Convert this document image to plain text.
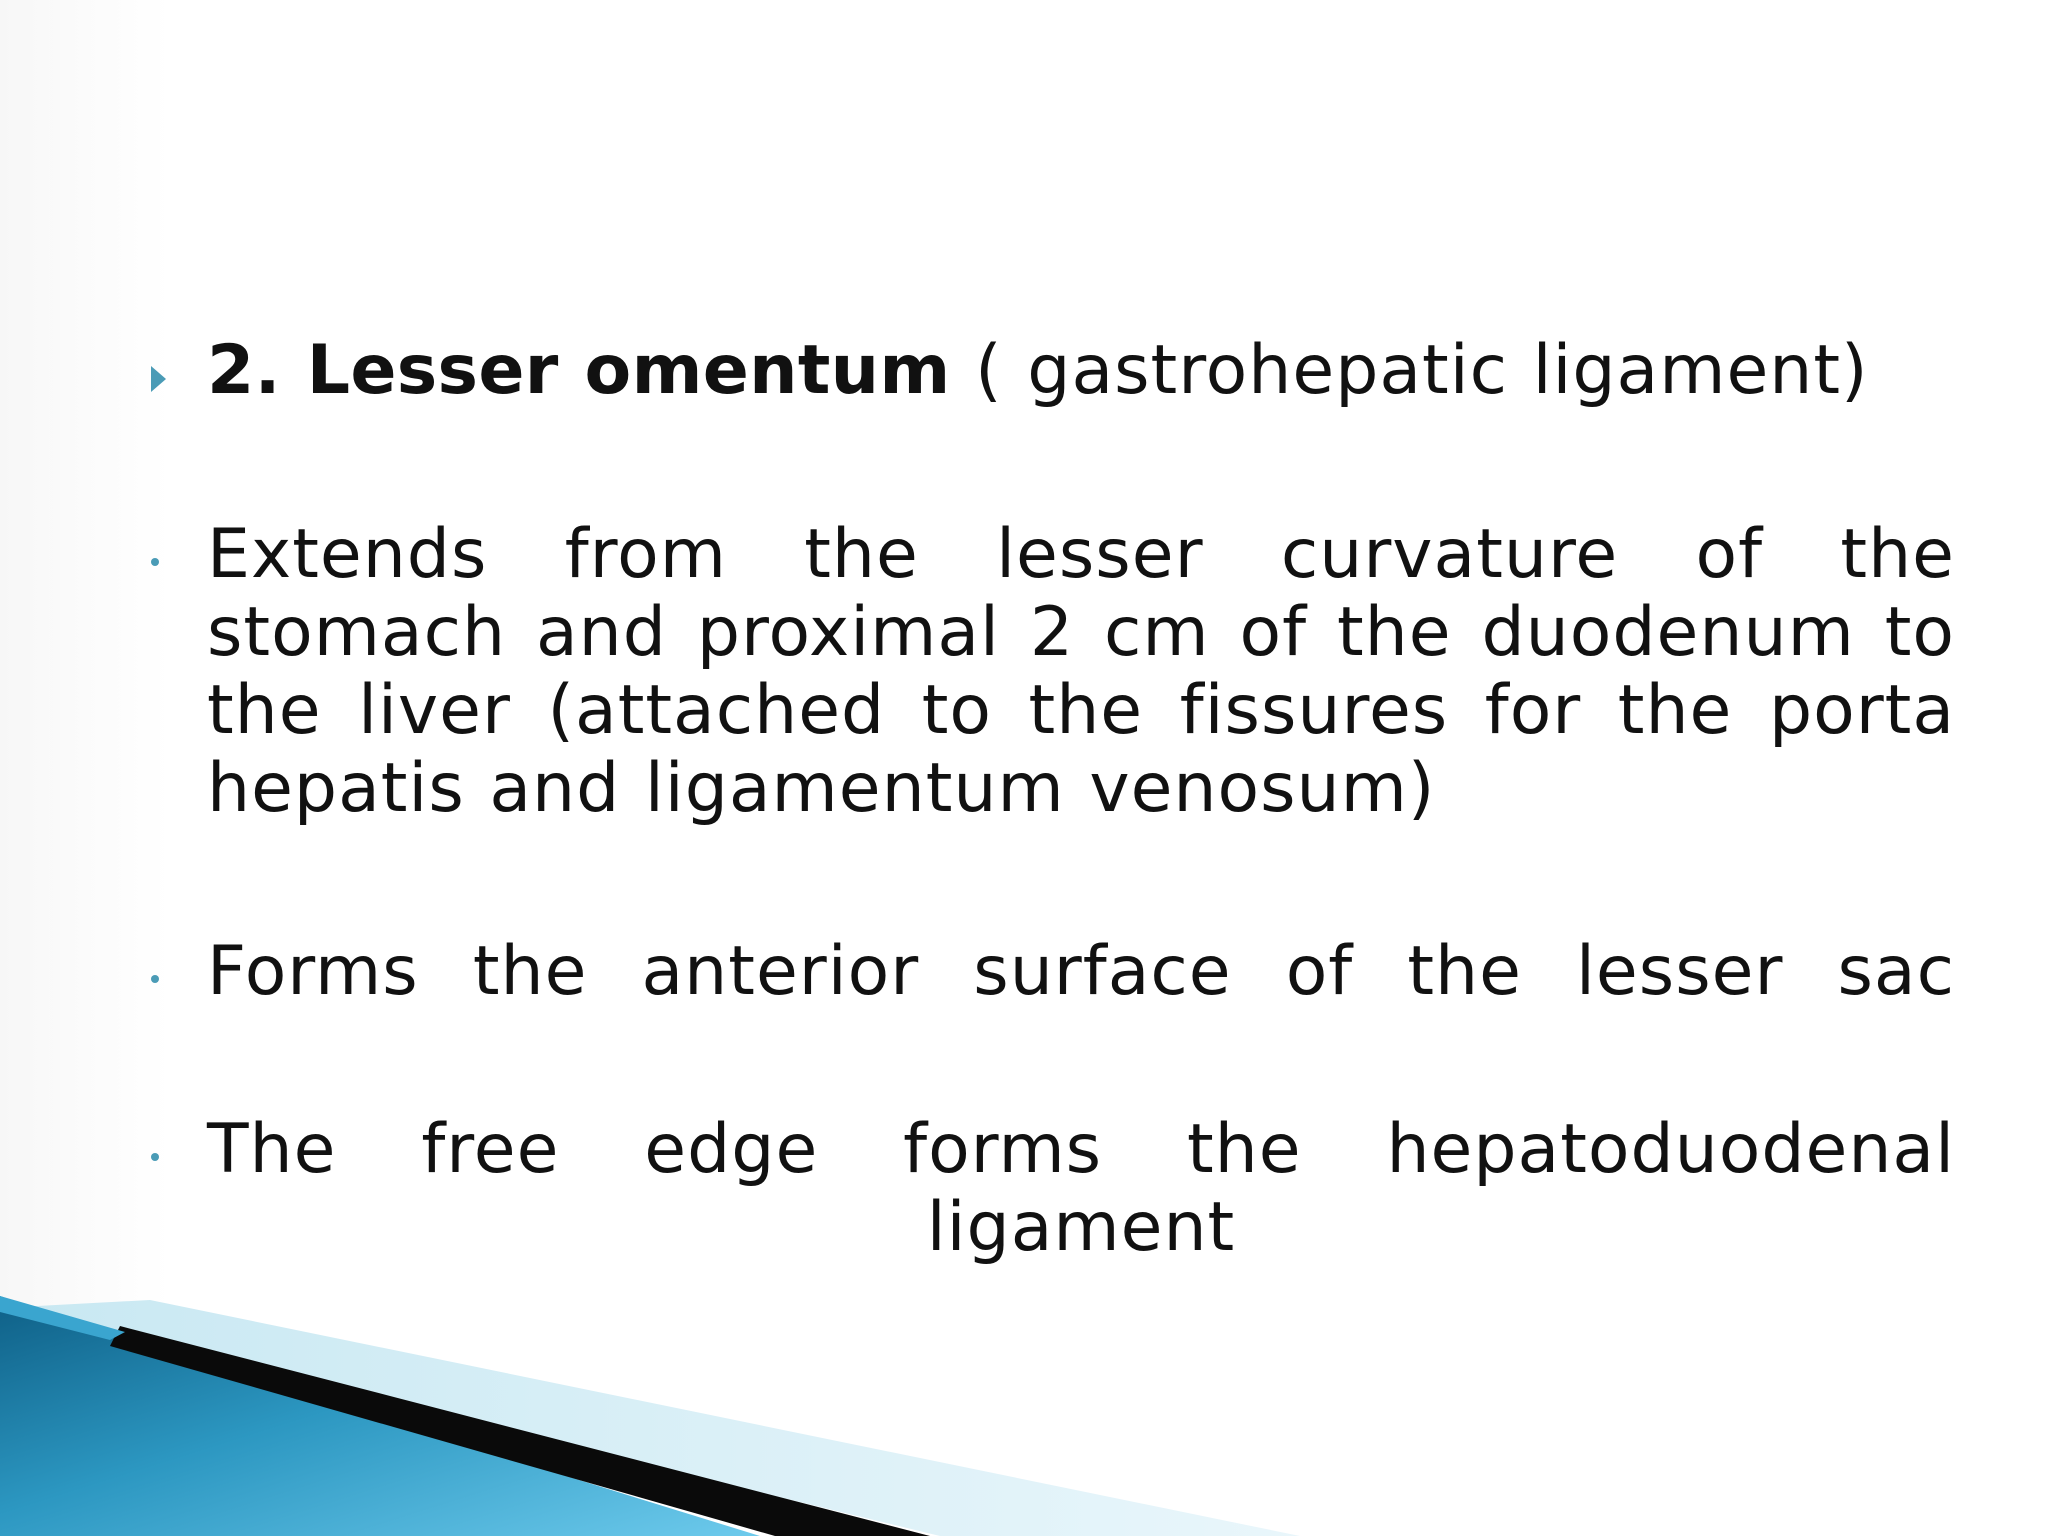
2. Lesser omentum ( gastrohepatic ligament)
Extends from the lesser curvature of the stomach and proximal 2 cm of the duodenum to the liver (attached to the fissures for the porta hepatis and ligamentum venosum)
Forms the anterior surface of the lesser sac
The free edge forms the hepatoduodenal
ligament
